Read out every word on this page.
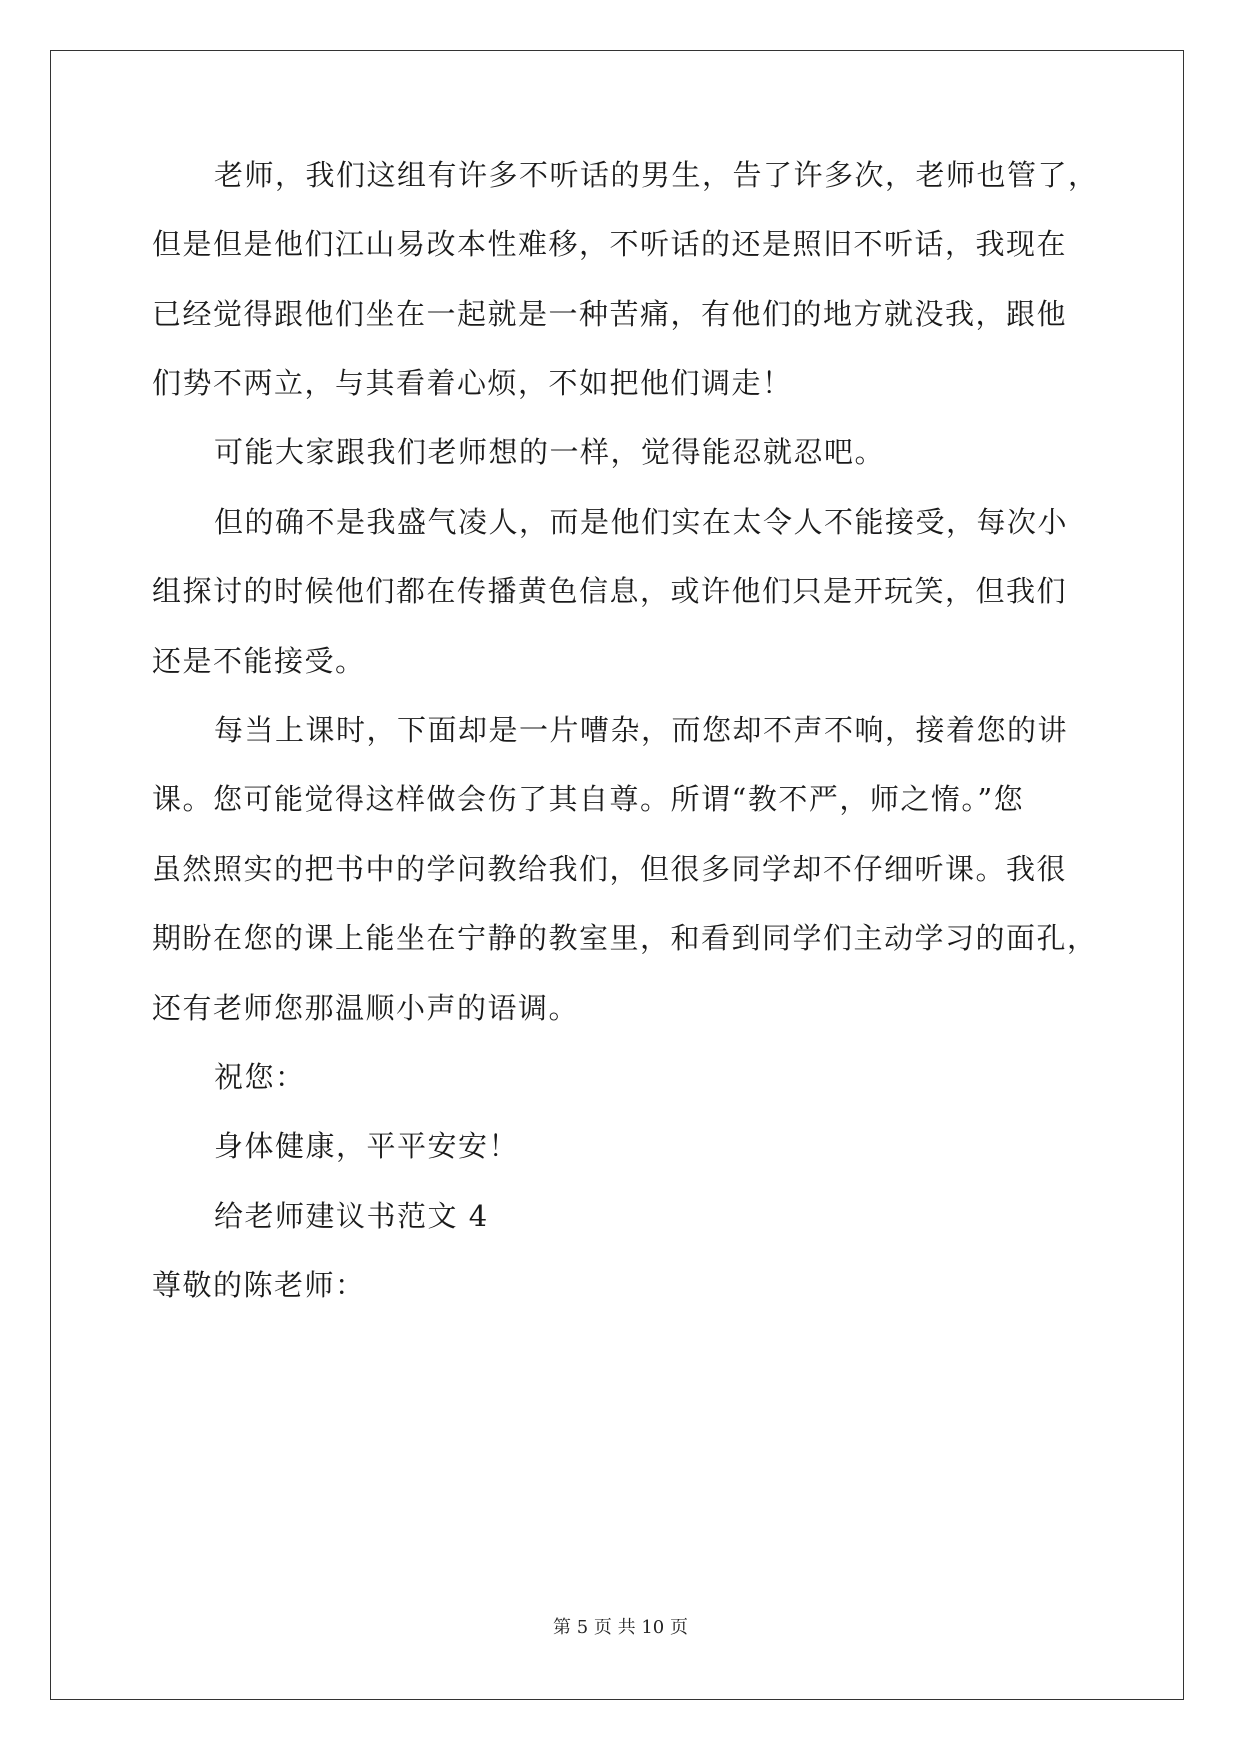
老师，我们这组有许多不听话的男生，告了许多次，老师也管了，
但是但是他们江山易改本性难移，不听话的还是照旧不听话，我现在
已经觉得跟他们坐在一起就是一种苦痛，有他们的地方就没我，跟他
们势不两立，与其看着心烦，不如把他们调走！
可能大家跟我们老师想的一样，觉得能忍就忍吧。
但的确不是我盛气凌人，而是他们实在太令人不能接受，每次小
组探讨的时候他们都在传播黄色信息，或许他们只是开玩笑，但我们
还是不能接受。
每当上课时，下面却是一片嘈杂，而您却不声不响，接着您的讲
课。您可能觉得这样做会伤了其自尊。所谓“教不严，师之惰。”您
虽然照实的把书中的学问教给我们，但很多同学却不仔细听课。我很
期盼在您的课上能坐在宁静的教室里，和看到同学们主动学习的面孔，
还有老师您那温顺小声的语调。
祝您：
身体健康，平平安安！
给老师建议书范文 4
尊敬的陈老师：
第 5 页 共 10 页
